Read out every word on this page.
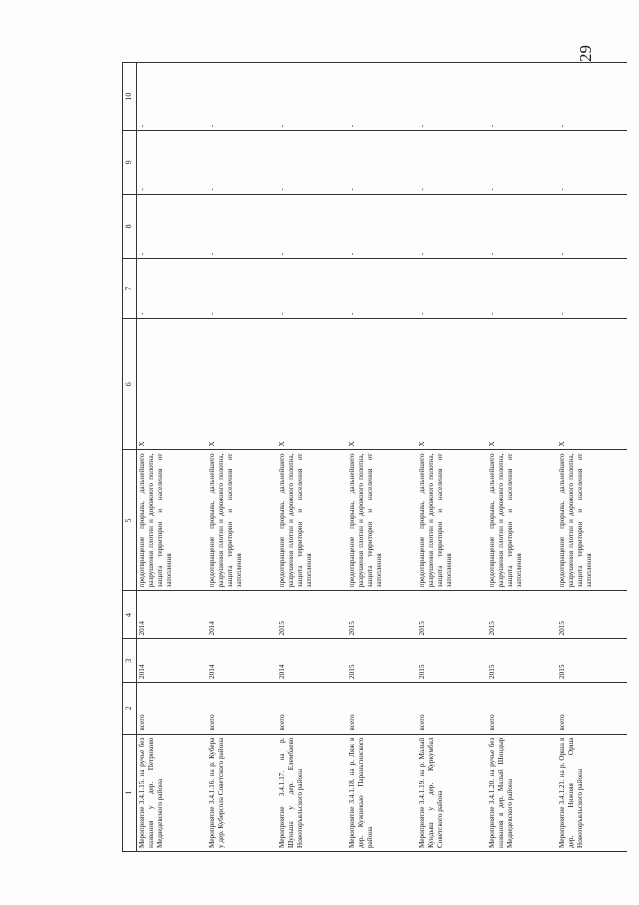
29
1	2	3	4	5	6	7	8	9	10
Мероприятие 3.4.1.15. на ручье без названия у дер. Петриково Медведевского района	всего	2014	2014	предотвращение прорыва, дальнейшего разрушения плотин и дорожного полотна, защита территории и населения от затопления	Х	-	-	-	-
Мероприятие 3.4.1.16. на р. Кубера у дер. Куберсола Советского района	всего	2014	2014	предотвращение прорыва, дальнейшего разрушения плотин и дорожного полотна, защита территории и населения от затопления	Х	-	-	-	-
Мероприятие 3.4.1.17. на р. Шуньша у дер. Елембаево Новоторъяльского района	всего	2014	2015	предотвращение прорыва, дальнейшего разрушения плотин и дорожного полотна, защита территории и населения от затопления	Х	-	-	-	-
Мероприятие 3.4.1.18. на р. Ляж в дер. Кужнекью Параньгинского района	всего	2015	2015	предотвращение прорыва, дальнейшего разрушения плотин и дорожного полотна, защита территории и населения от затопления	Х	-	-	-	-
Мероприятие 3.4.1.19. на р. Малый Кундыш у дер. Куркумбал Советского района	всего	2015	2015	предотвращение прорыва, дальнейшего разрушения плотин и дорожного полотна, защита территории и населения от затопления	Х	-	-	-	-
Мероприятие 3.4.1.20. на ручье без названия в дер. Малый Шиндыр Медведевского района	всего	2015	2015	предотвращение прорыва, дальнейшего разрушения плотин и дорожного полотна, защита территории и населения от затопления	Х	-	-	-	-
Мероприятие 3.4.1.21. на р. Оршa в дер. Нижняя Оршa Новоторъяльского района	всего	2015	2015	предотвращение прорыва, дальнейшего разрушения плотин и дорожного полотна, защита территории и населения от затопления	Х	-	-	-	-
